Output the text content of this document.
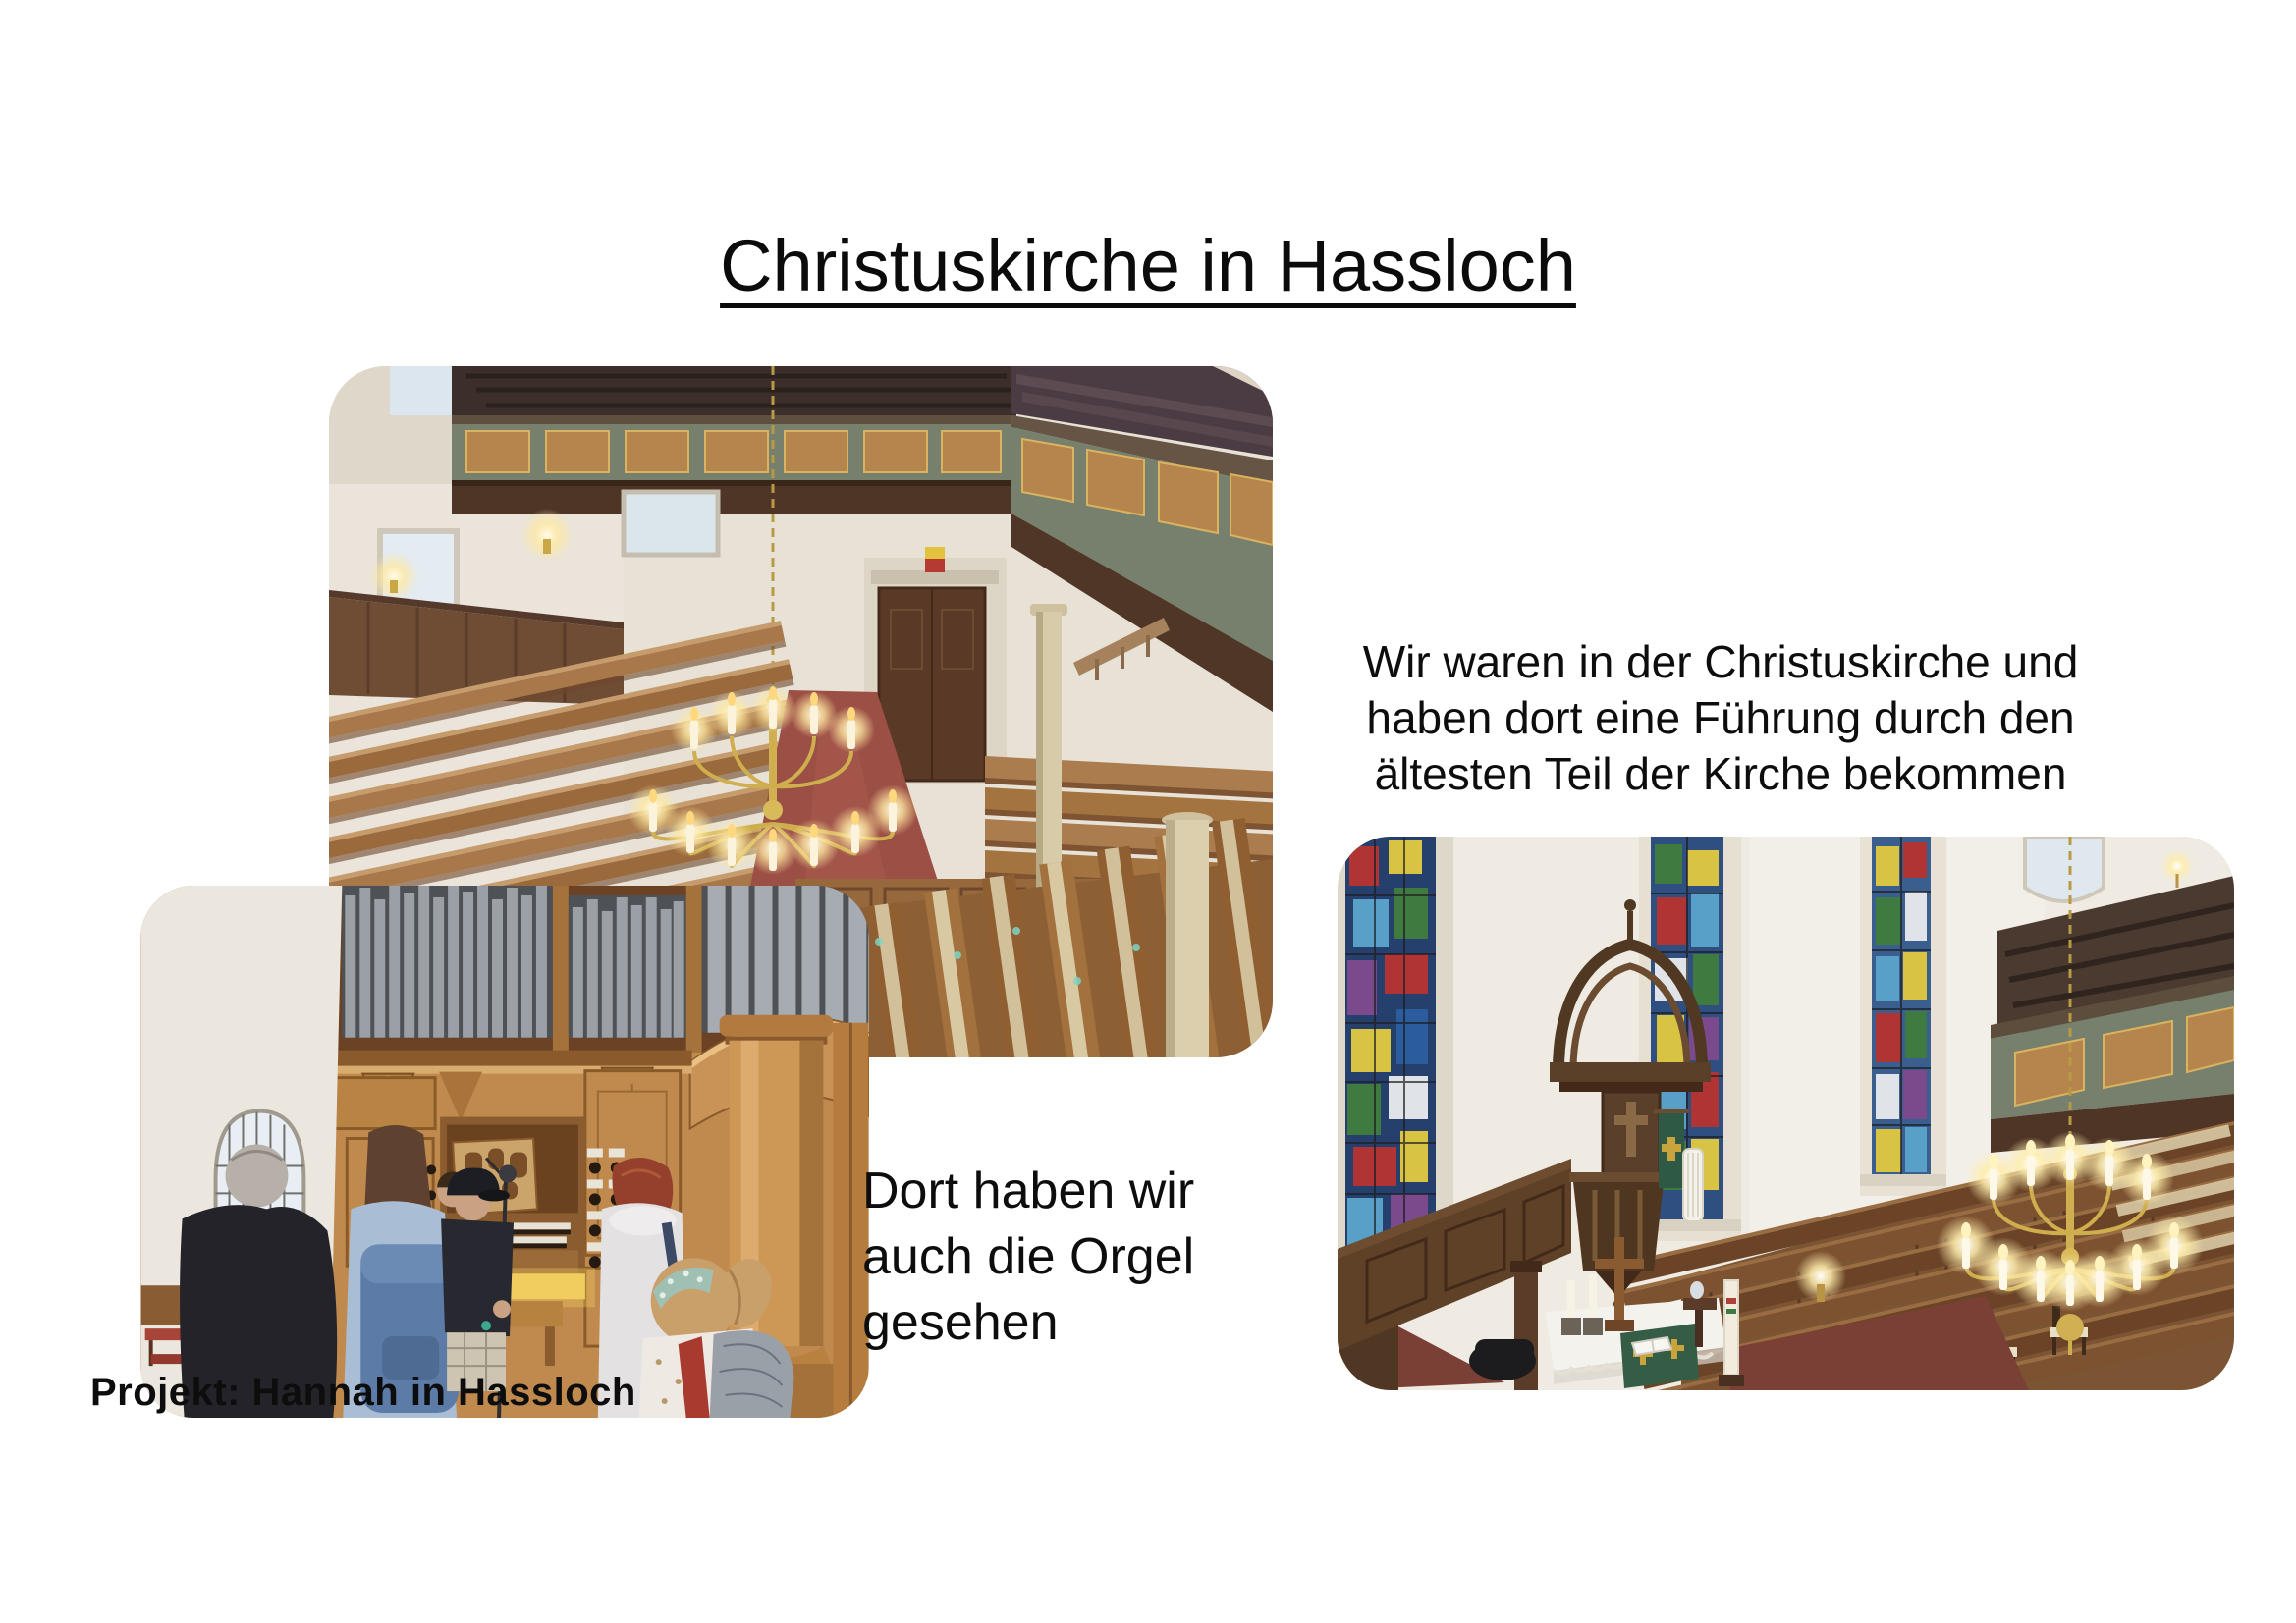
Christuskirche in Hassloch

Wir waren in der Christuskirche und
haben dort eine Führung durch den
ältesten Teil der Kirche bekommen

Dort haben wir
auch die Orgel
gesehen

Projekt: Hannah in Hassloch
